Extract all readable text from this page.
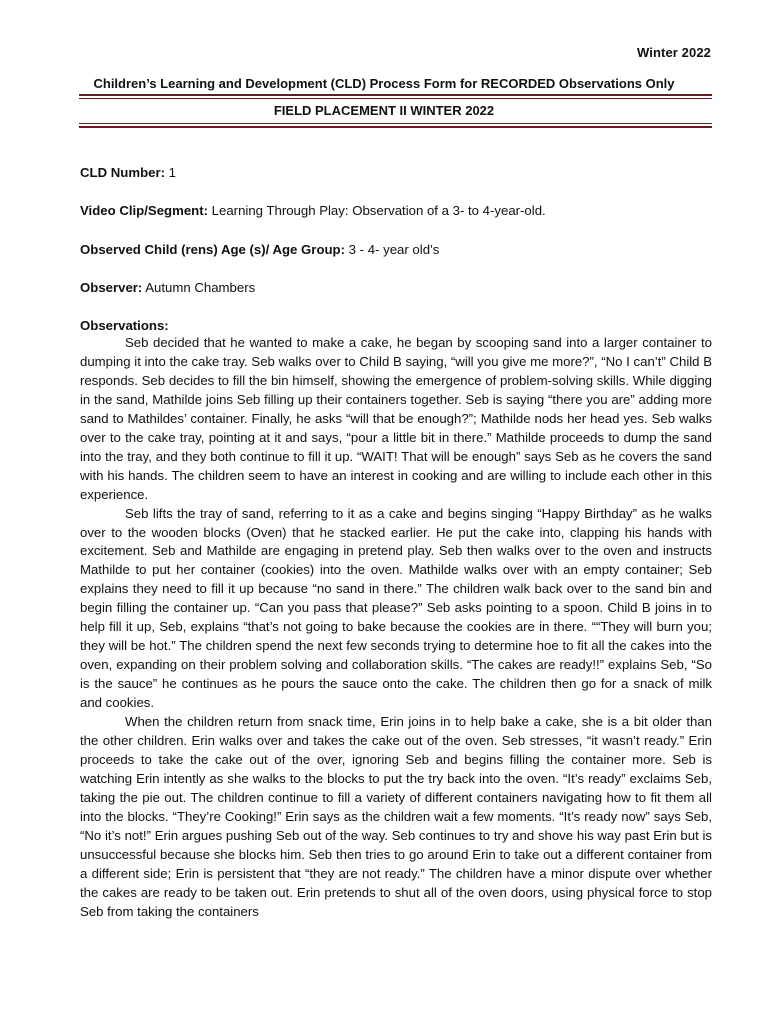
Winter 2022
Children’s Learning and Development (CLD) Process Form for RECORDED Observations Only
FIELD PLACEMENT II WINTER 2022
CLD Number: 1
Video Clip/Segment: Learning Through Play: Observation of a 3- to 4-year-old.
Observed Child (rens) Age (s)/ Age Group: 3 - 4- year old’s
Observer: Autumn Chambers
Observations:

Seb decided that he wanted to make a cake, he began by scooping sand into a larger container to dumping it into the cake tray. Seb walks over to Child B saying, “will you give me more?”, “No I can’t” Child B responds. Seb decides to fill the bin himself, showing the emergence of problem-solving skills. While digging in the sand, Mathilde joins Seb filling up their containers together. Seb is saying “there you are” adding more sand to Mathildes’ container. Finally, he asks “will that be enough?”; Mathilde nods her head yes. Seb walks over to the cake tray, pointing at it and says, “pour a little bit in there.” Mathilde proceeds to dump the sand into the tray, and they both continue to fill it up. “WAIT! That will be enough” says Seb as he covers the sand with his hands. The children seem to have an interest in cooking and are willing to include each other in this experience.

Seb lifts the tray of sand, referring to it as a cake and begins singing “Happy Birthday” as he walks over to the wooden blocks (Oven) that he stacked earlier. He put the cake into, clapping his hands with excitement. Seb and Mathilde are engaging in pretend play. Seb then walks over to the oven and instructs Mathilde to put her container (cookies) into the oven. Mathilde walks over with an empty container; Seb explains they need to fill it up because “no sand in there.” The children walk back over to the sand bin and begin filling the container up. “Can you pass that please?” Seb asks pointing to a spoon. Child B joins in to help fill it up, Seb, explains “that’s not going to bake because the cookies are in there. ““They will burn you; they will be hot.” The children spend the next few seconds trying to determine hoe to fit all the cakes into the oven, expanding on their problem solving and collaboration skills. “The cakes are ready!!” explains Seb, “So is the sauce” he continues as he pours the sauce onto the cake. The children then go for a snack of milk and cookies.

When the children return from snack time, Erin joins in to help bake a cake, she is a bit older than the other children. Erin walks over and takes the cake out of the oven. Seb stresses, “it wasn’t ready.” Erin proceeds to take the cake out of the over, ignoring Seb and begins filling the container more. Seb is watching Erin intently as she walks to the blocks to put the try back into the oven. “It’s ready” exclaims Seb, taking the pie out. The children continue to fill a variety of different containers navigating how to fit them all into the blocks. “They’re Cooking!” Erin says as the children wait a few moments. “It’s ready now” says Seb, “No it’s not!” Erin argues pushing Seb out of the way. Seb continues to try and shove his way past Erin but is unsuccessful because she blocks him. Seb then tries to go around Erin to take out a different container from a different side; Erin is persistent that “they are not ready.” The children have a minor dispute over whether the cakes are ready to be taken out. Erin pretends to shut all of the oven doors, using physical force to stop Seb from taking the containers
